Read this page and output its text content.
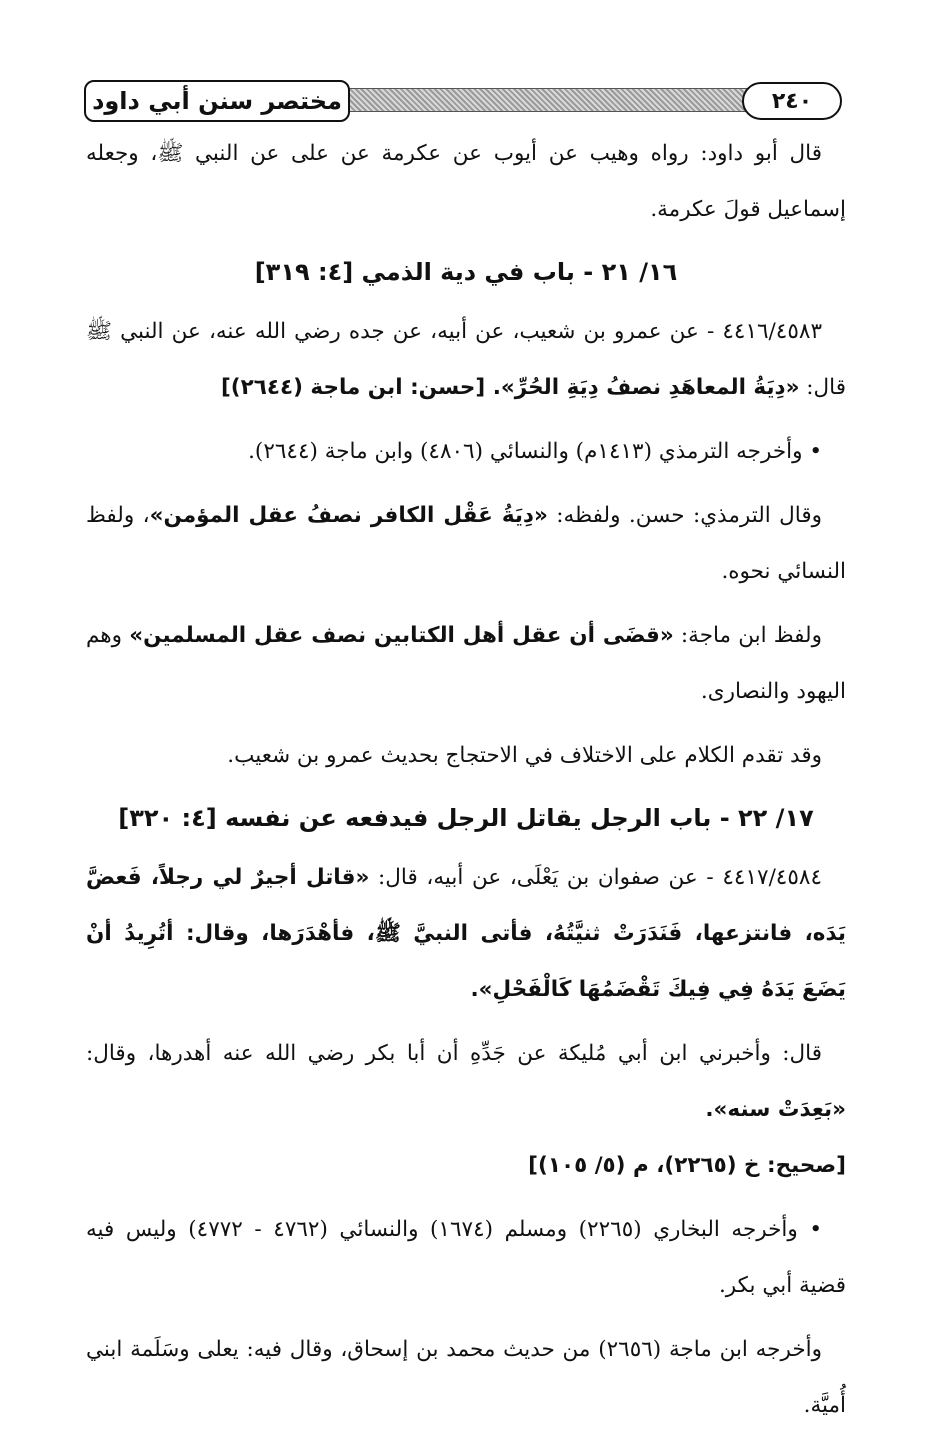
مختصر سنن أبي داود	٢٤٠

قال أبو داود: رواه وهيب عن أيوب عن عكرمة عن على عن النبي ﷺ، وجعله إسماعيل قولَ عكرمة.

١٦/ ٢١ - باب في دية الذمي [٤: ٣١٩]

٤٤١٦/٤٥٨٣ - عن عمرو بن شعيب، عن أبيه، عن جده رضي الله عنه، عن النبي ﷺ قال: «دِيَةُ المعاهَدِ نصفُ دِيَةِ الحُرِّ». [حسن: ابن ماجة (٢٦٤٤)]

• وأخرجه الترمذي (١٤١٣م) والنسائي (٤٨٠٦) وابن ماجة (٢٦٤٤).

وقال الترمذي: حسن. ولفظه: «دِيَةُ عَقْل الكافر نصفُ عقل المؤمن»، ولفظ النسائي نحوه.

ولفظ ابن ماجة: «قضَى أن عقل أهل الكتابين نصف عقل المسلمين» وهم اليهود والنصارى.

وقد تقدم الكلام على الاختلاف في الاحتجاج بحديث عمرو بن شعيب.

١٧/ ٢٢ - باب الرجل يقاتل الرجل فيدفعه عن نفسه [٤: ٣٢٠]

٤٤١٧/٤٥٨٤ - عن صفوان بن يَعْلَى، عن أبيه، قال: «قاتل أجيرٌ لي رجلاً، فَعضَّ يَدَه، فانتزعها، فَنَدَرَتْ ثنيَّتُهُ، فأتى النبيَّ ﷺ، فأهْدَرَها، وقال: أتُرِيدُ أنْ يَضَعَ يَدَهُ فِي فِيكَ تَقْضَمُهَا كَالْفَحْلِ».

قال: وأخبرني ابن أبي مُليكة عن جَدِّهِ أن أبا بكر رضي الله عنه أهدرها، وقال: «بَعِدَتْ سنه».

[صحيح: خ (٢٢٦٥)، م (٥/ ١٠٥)]

• وأخرجه البخاري (٢٢٦٥) ومسلم (١٦٧٤) والنسائي (٤٧٦٢ - ٤٧٧٢) وليس فيه قضية أبي بكر.

وأخرجه ابن ماجة (٢٦٥٦) من حديث محمد بن إسحاق، وقال فيه: يعلى وسَلَمة ابني أُميَّة.
